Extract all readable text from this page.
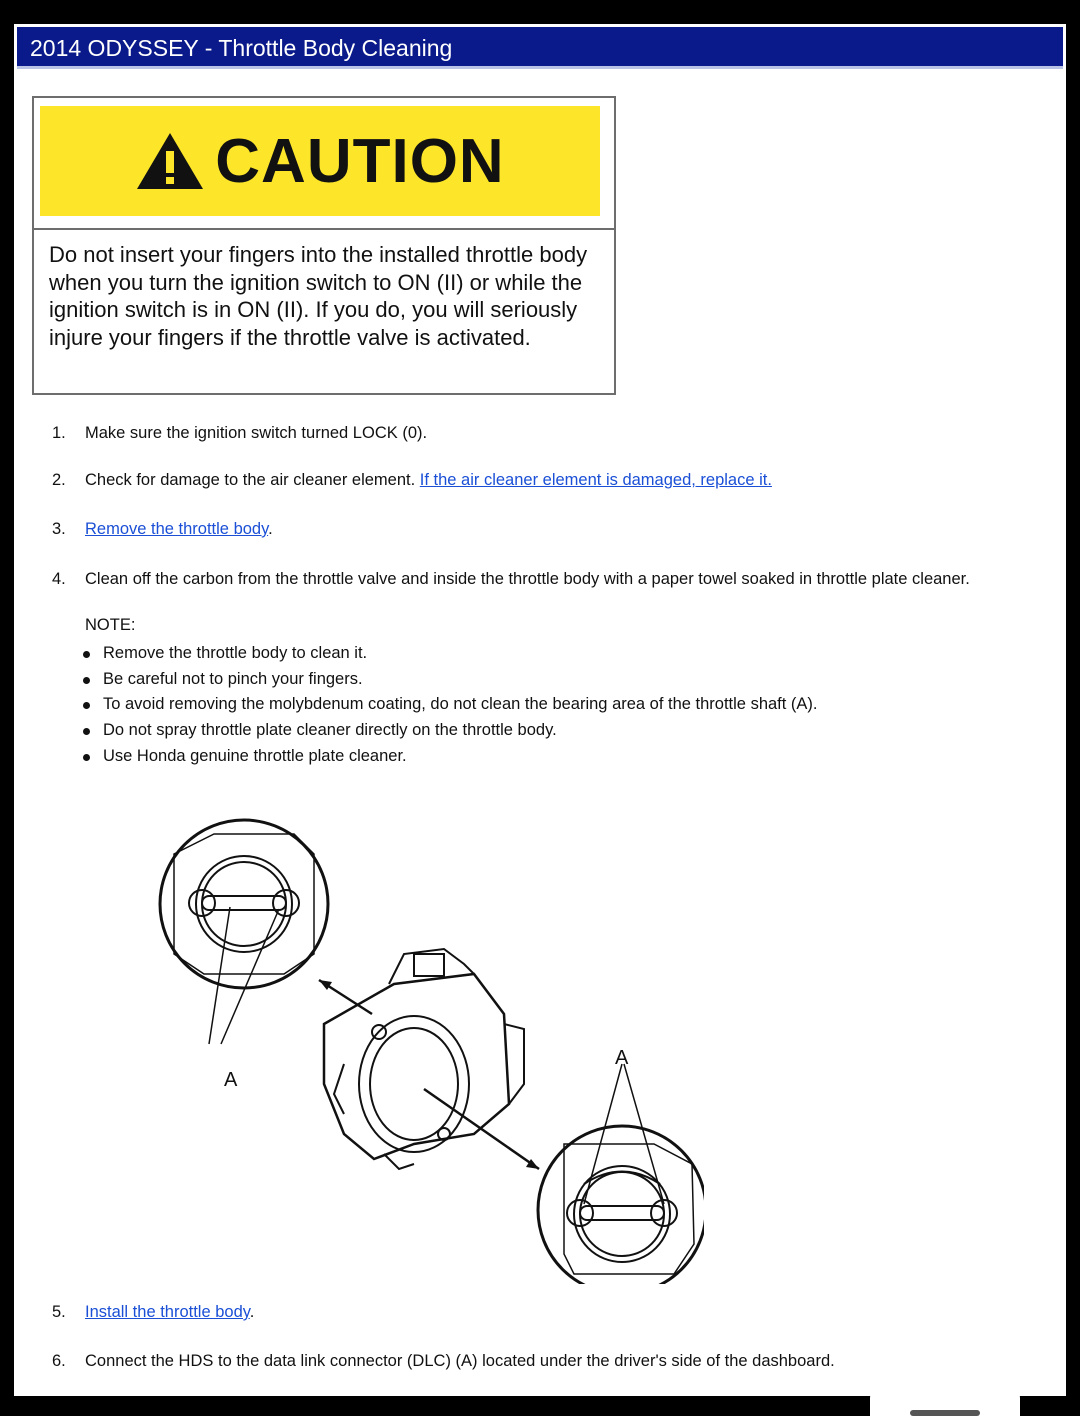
2014 ODYSSEY - Throttle Body Cleaning
CAUTION
Do not insert your fingers into the installed throttle body when you turn the ignition switch to ON (II) or while the ignition switch is in ON (II). If you do, you will seriously injure your fingers if the throttle valve is activated.
1. Make sure the ignition switch turned LOCK (0).
2. Check for damage to the air cleaner element. If the air cleaner element is damaged, replace it.
3. Remove the throttle body.
4. Clean off the carbon from the throttle valve and inside the throttle body with a paper towel soaked in throttle plate cleaner.
NOTE:
Remove the throttle body to clean it.
Be careful not to pinch your fingers.
To avoid removing the molybdenum coating, do not clean the bearing area of the throttle shaft (A).
Do not spray throttle plate cleaner directly on the throttle body.
Use Honda genuine throttle plate cleaner.
A
A
5. Install the throttle body.
6. Connect the HDS to the data link connector (DLC) (A) located under the driver's side of the dashboard.
